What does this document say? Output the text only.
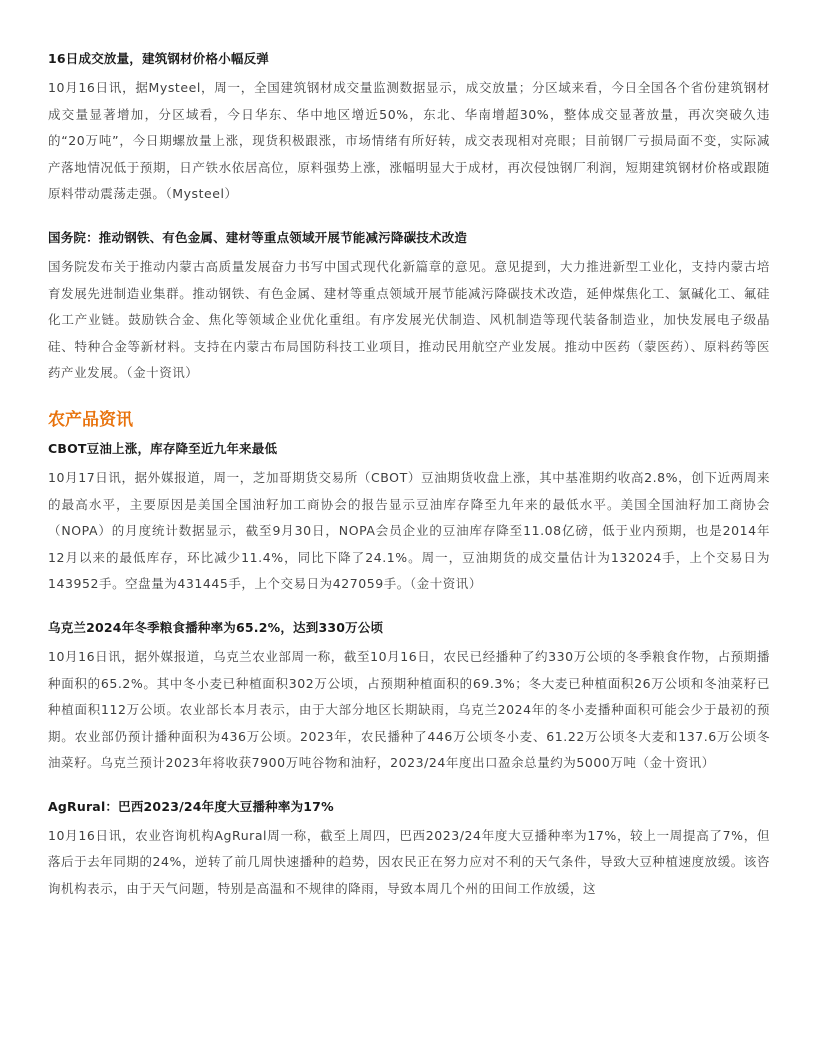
16日成交放量，建筑钢材价格小幅反弹

10月16日讯，据Mysteel，周一，全国建筑钢材成交量监测数据显示，成交放量；分区域来看，今日全国各个省份建筑钢材成交量显著增加，分区域看，今日华东、华中地区增近50%，东北、华南增超30%，整体成交显著放量，再次突破久违的“20万吨”，今日期螺放量上涨，现货积极跟涨，市场情绪有所好转，成交表现相对亮眼；目前钢厂亏损局面不变，实际减产落地情况低于预期，日产铁水依居高位，原料强势上涨，涨幅明显大于成材，再次侵蚀钢厂利润，短期建筑钢材价格或跟随原料带动震荡走强。（Mysteel）

国务院：推动钢铁、有色金属、建材等重点领域开展节能减污降碳技术改造

国务院发布关于推动内蒙古高质量发展奋力书写中国式现代化新篇章的意见。意见提到，大力推进新型工业化，支持内蒙古培育发展先进制造业集群。推动钢铁、有色金属、建材等重点领域开展节能减污降碳技术改造，延伸煤焦化工、氯碱化工、氟硅化工产业链。鼓励铁合金、焦化等领域企业优化重组。有序发展光伏制造、风机制造等现代装备制造业，加快发展电子级晶硅、特种合金等新材料。支持在内蒙古布局国防科技工业项目，推动民用航空产业发展。推动中医药（蒙医药）、原料药等医药产业发展。（金十资讯）

农产品资讯
CBOT豆油上涨，库存降至近九年来最低

10月17日讯，据外媒报道，周一，芝加哥期货交易所（CBOT）豆油期货收盘上涨，其中基准期约收高2.8%，创下近两周来的最高水平，主要原因是美国全国油籽加工商协会的报告显示豆油库存降至九年来的最低水平。美国全国油籽加工商协会（NOPA）的月度统计数据显示，截至9月30日，NOPA会员企业的豆油库存降至11.08亿磅，低于业内预期，也是2014年12月以来的最低库存，环比减少11.4%，同比下降了24.1%。周一，豆油期货的成交量估计为132024手，上个交易日为143952手。空盘量为431445手，上个交易日为427059手。（金十资讯）

乌克兰2024年冬季粮食播种率为65.2%，达到330万公顷

10月16日讯，据外媒报道，乌克兰农业部周一称，截至10月16日，农民已经播种了约330万公顷的冬季粮食作物，占预期播种面积的65.2%。其中冬小麦已种植面积302万公顷，占预期种植面积的69.3%；冬大麦已种植面积26万公顷和冬油菜籽已种植面积112万公顷。农业部长本月表示，由于大部分地区长期缺雨，乌克兰2024年的冬小麦播种面积可能会少于最初的预期。农业部仍预计播种面积为436万公顷。2023年，农民播种了446万公顷冬小麦、61.22万公顷冬大麦和137.6万公顷冬油菜籽。乌克兰预计2023年将收获7900万吨谷物和油籽，2023/24年度出口盈余总量约为5000万吨（金十资讯）

AgRural：巴西2023/24年度大豆播种率为17%

10月16日讯，农业咨询机构AgRural周一称，截至上周四，巴西2023/24年度大豆播种率为17%，较上一周提高了7%，但落后于去年同期的24%，逆转了前几周快速播种的趋势，因农民正在努力应对不利的天气条件，导致大豆种植速度放缓。该咨询机构表示，由于天气问题，特别是高温和不规律的降雨，导致本周几个州的田间工作放缓，这
